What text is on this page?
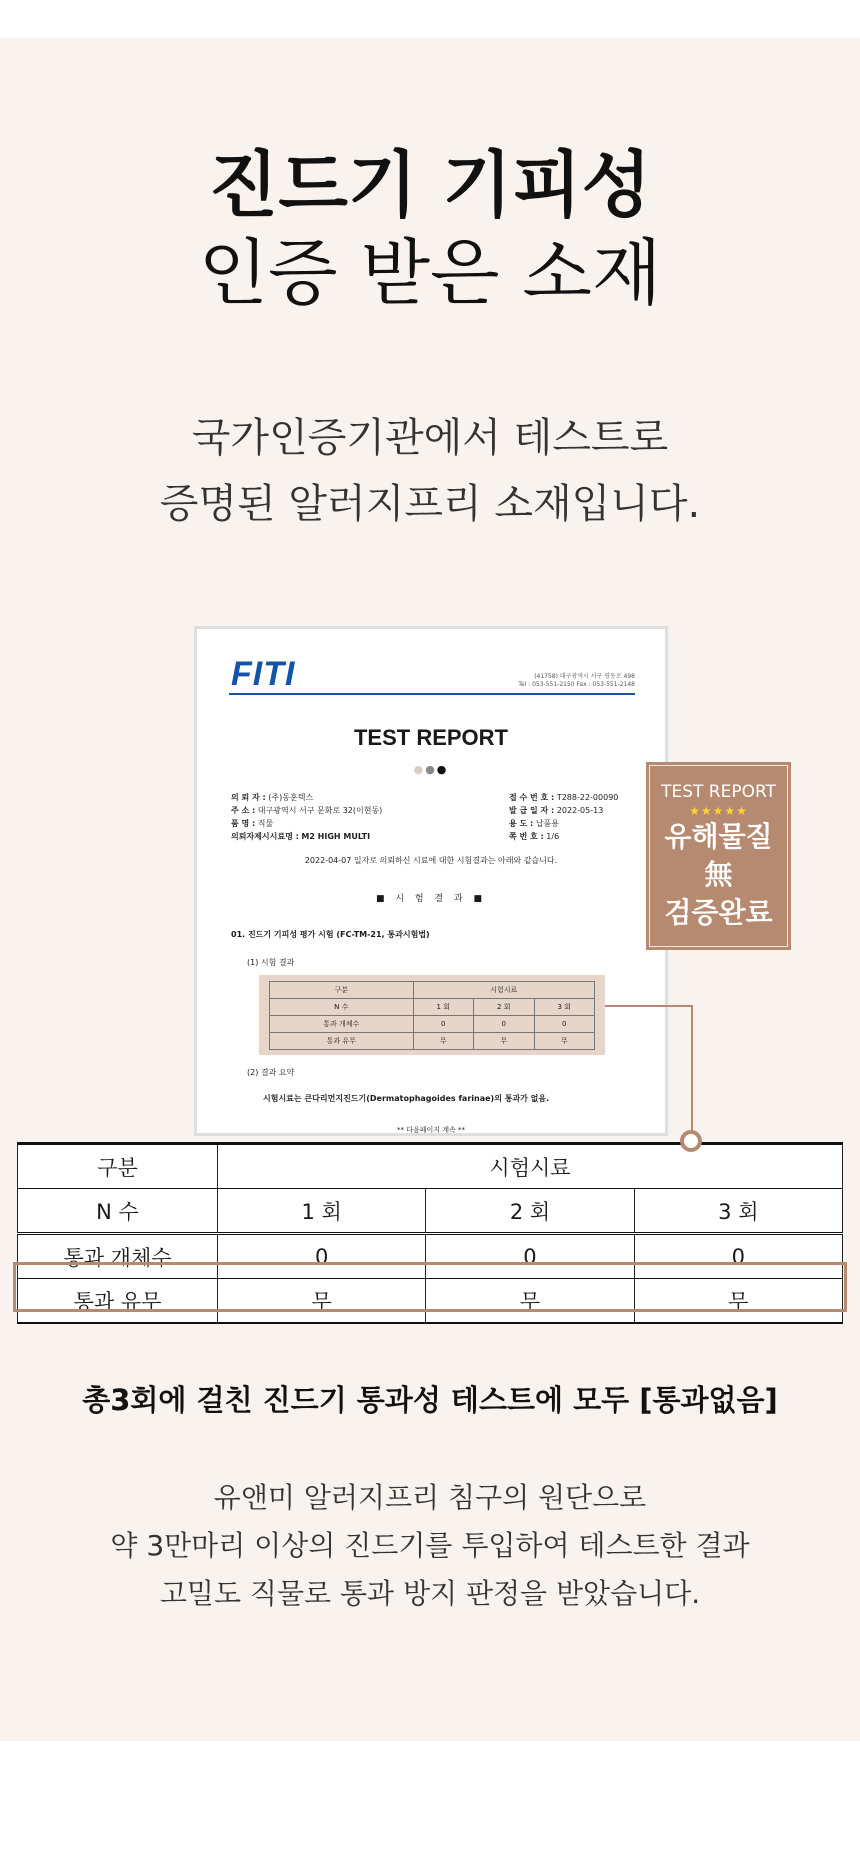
진드기 기피성
인증 받은 소재
국가인증기관에서 테스트로
증명된 알러지프리 소재입니다.
FITI	(41758) 대구광역시 서구 평동로 498
Tel : 053-551-2150 Fax : 053-551-2148
TEST REPORT
●●●
의 뢰 자 : (주)동훈텍스
주 소 : 대구광역시 서구 문화로 32(이현동)
품 명 : 직물
의뢰자제시시료명 : M2 HIGH MULTI
접 수 번 호 : T288-22-00090
발 급 일 자 : 2022-05-13
용 도 : 납품용
쪽 번 호 : 1/6
2022-04-07 일자로 의뢰하신 시료에 대한 시험결과는 아래와 같습니다.
■ 시 험 결 과 ■
01. 진드기 기피성 평가 시험 (FC-TM-21, 통과시험법)
(1) 시험 결과
구분	시험시료		
N 수	1 회	2 회	3 회
통과 개체수	0	0	0
통과 유무	무	무	무
(2) 결과 요약
시험시료는 큰다리먼지진드기(Dermatophagoides farinae)의 통과가 없음.
** 다음페이지 계속 **
TEST REPORT
★★★★★
유해물질
無
검증완료
구분	시험시료		
N 수	1 회	2 회	3 회
통과 개체수	0	0	0
통과 유무	무	무	무
총3회에 걸친 진드기 통과성 테스트에 모두 [통과없음]
유앤미 알러지프리 침구의 원단으로
약 3만마리 이상의 진드기를 투입하여 테스트한 결과
고밀도 직물로 통과 방지 판정을 받았습니다.
